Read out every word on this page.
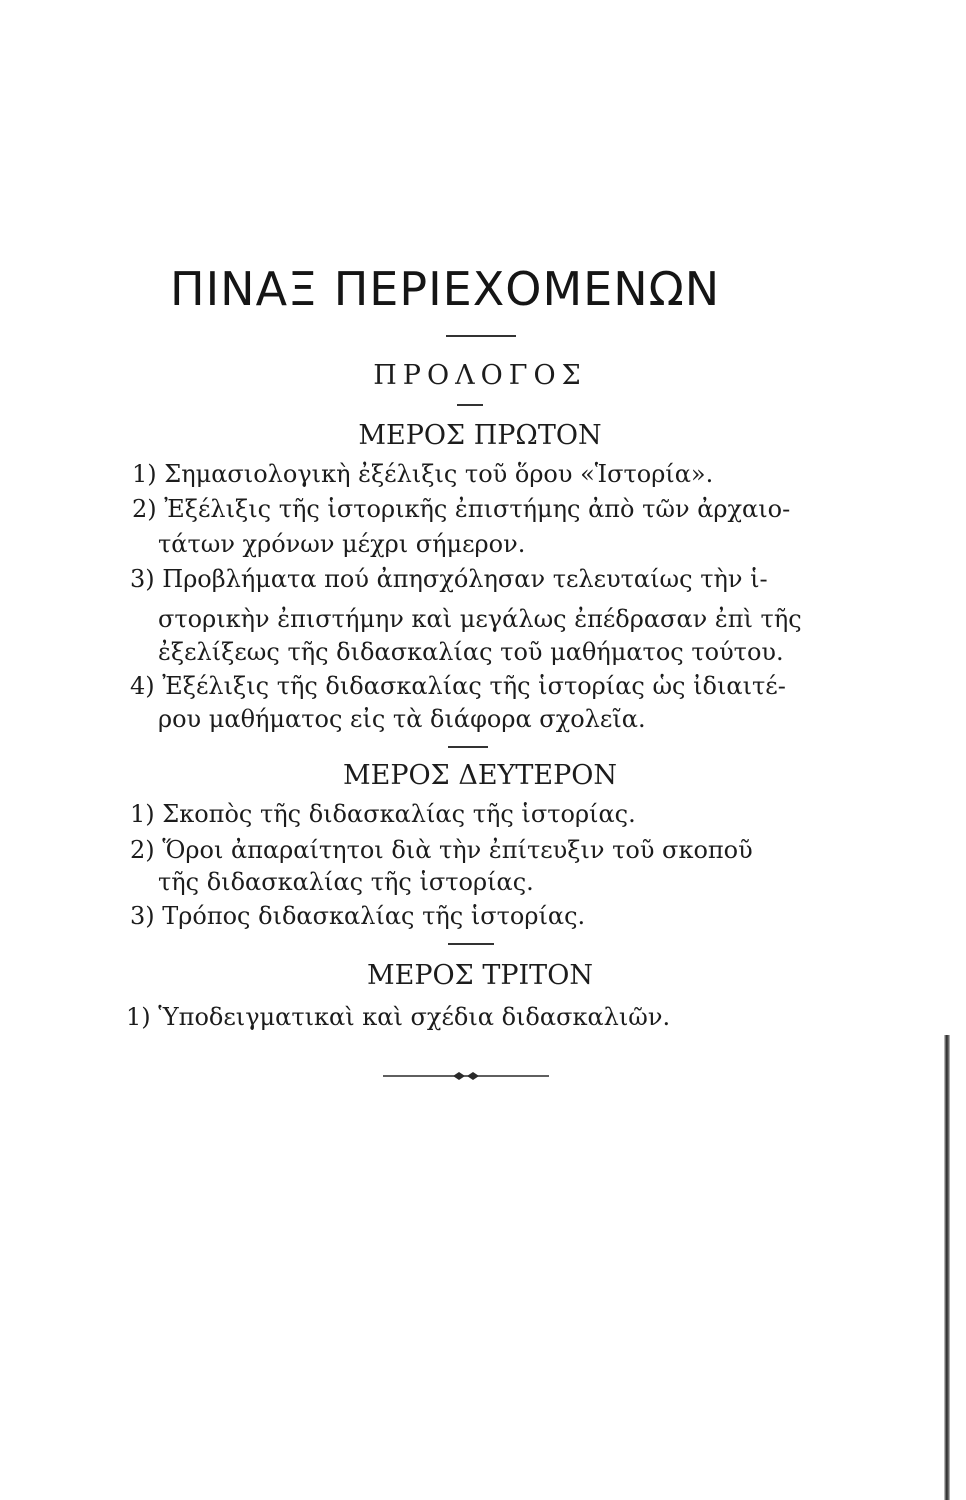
ΠΙΝΑΞ ΠΕΡΙΕΧΟΜΕΝΩΝ
ΠΡΟΛΟΓΟΣ
ΜΕΡΟΣ ΠΡΩΤΟΝ
1) Σημασιολογικὴ ἐξέλιξις τοῦ ὅρου «Ἱστορία».
2) Ἐξέλιξις τῆς ἱστορικῆς ἐπιστήμης ἀπὸ τῶν ἀρχαιο-
τάτων χρόνων μέχρι σήμερον.
3) Προβλήματα πού ἀπησχόλησαν τελευταίως τὴν ἱ-
στορικὴν ἐπιστήμην καὶ μεγάλως ἐπέδρασαν ἐπὶ τῆς
ἐξελίξεως τῆς διδασκαλίας τοῦ μαθήματος τούτου.
4) Ἐξέλιξις τῆς διδασκαλίας τῆς ἱστορίας ὡς ἰδιαιτέ-
ρου μαθήματος εἰς τὰ διάφορα σχολεῖα.
ΜΕΡΟΣ ΔΕΥΤΕΡΟΝ
1) Σκοπὸς τῆς διδασκαλίας τῆς ἱστορίας.
2) Ὅροι ἀπαραίτητοι διὰ τὴν ἐπίτευξιν τοῦ σκοποῦ
τῆς διδασκαλίας τῆς ἱστορίας.
3) Τρόπος διδασκαλίας τῆς ἱστορίας.
ΜΕΡΟΣ ΤΡΙΤΟΝ
1) Ὑποδειγματικαὶ καὶ σχέδια διδασκαλιῶν.
